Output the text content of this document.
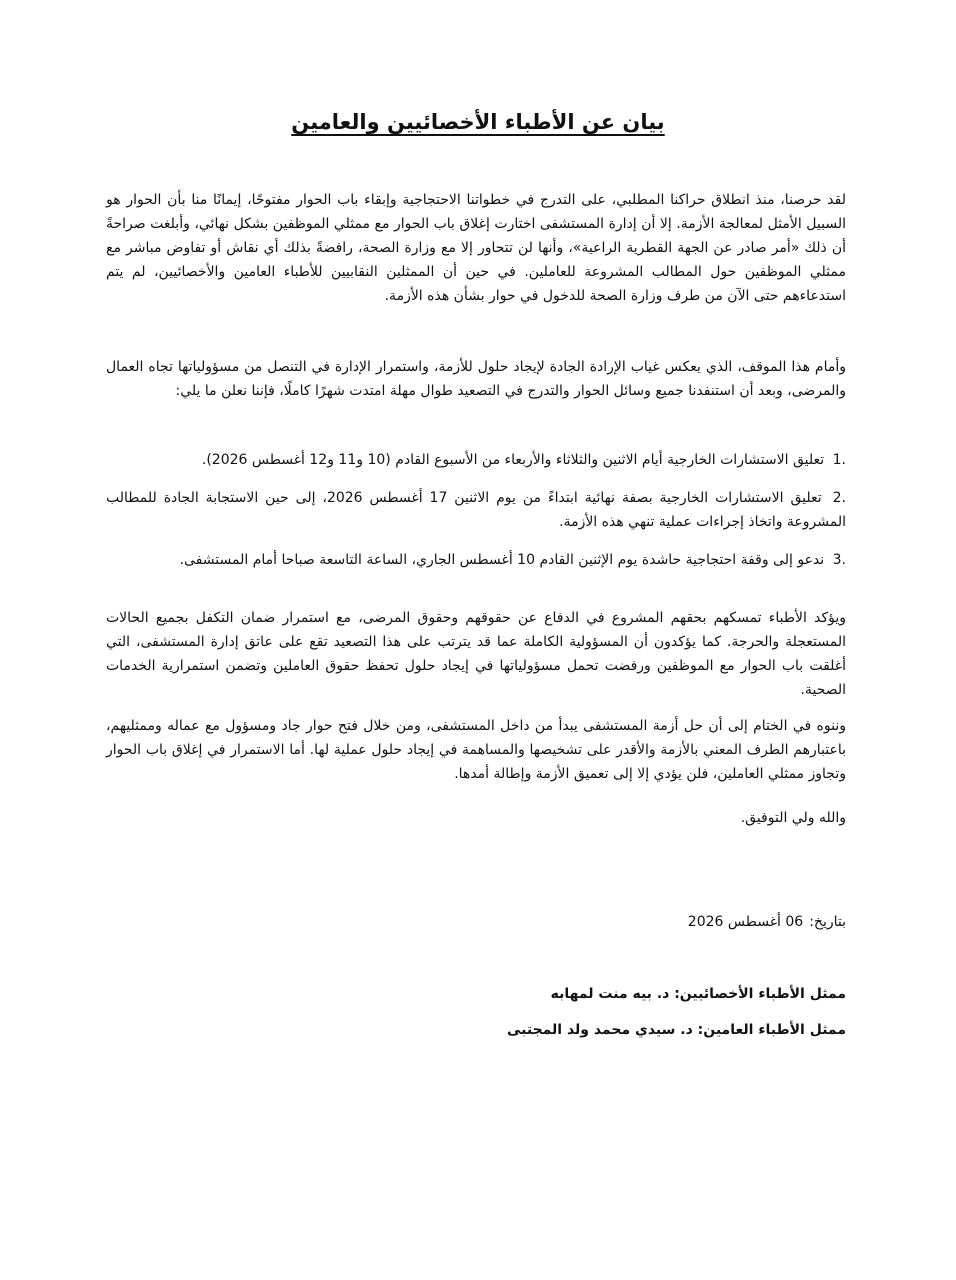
بيان عن الأطباء الأخصائيين والعامين

لقد حرصنا، منذ انطلاق حراكنا المطلبي، على التدرج في خطواتنا الاحتجاجية وإبقاء باب الحوار مفتوحًا، إيمانًا منا بأن الحوار هو السبيل الأمثل لمعالجة الأزمة. إلا أن إدارة المستشفى اختارت إغلاق باب الحوار مع ممثلي الموظفين بشكل نهائي، وأبلغت صراحةً أن ذلك «أمر صادر عن الجهة القطرية الراعية»، وأنها لن تتحاور إلا مع وزارة الصحة، رافضةً بذلك أي نقاش أو تفاوض مباشر مع ممثلي الموظفين حول المطالب المشروعة للعاملين. في حين أن الممثلين النقابيين للأطباء العامين والأخصائيين، لم يتم استدعاءهم حتى الآن من طرف وزارة الصحة للدخول في حوار بشأن هذه الأزمة.

وأمام هذا الموقف، الذي يعكس غياب الإرادة الجادة لإيجاد حلول للأزمة، واستمرار الإدارة في التنصل من مسؤولياتها تجاه العمال والمرضى، وبعد أن استنفدنا جميع وسائل الحوار والتدرج في التصعيد طوال مهلة امتدت شهرًا كاملًا، فإننا نعلن ما يلي:

.1 تعليق الاستشارات الخارجية أيام الاثنين والثلاثاء والأربعاء من الأسبوع القادم (10 و11 و12 أغسطس 2026).

.2 تعليق الاستشارات الخارجية بصفة نهائية ابتداءً من يوم الاثنين 17 أغسطس 2026، إلى حين الاستجابة الجادة للمطالب المشروعة واتخاذ إجراءات عملية تنهي هذه الأزمة.

.3 ندعو إلى وقفة احتجاجية حاشدة يوم الإثنين القادم 10 أغسطس الجاري، الساعة التاسعة صباحا أمام المستشفى.

ويؤكد الأطباء تمسكهم بحقهم المشروع في الدفاع عن حقوقهم وحقوق المرضى، مع استمرار ضمان التكفل بجميع الحالات المستعجلة والحرجة. كما يؤكدون أن المسؤولية الكاملة عما قد يترتب على هذا التصعيد تقع على عاتق إدارة المستشفى، التي أغلقت باب الحوار مع الموظفين ورفضت تحمل مسؤولياتها في إيجاد حلول تحفظ حقوق العاملين وتضمن استمرارية الخدمات الصحية.

وننوه في الختام إلى أن حل أزمة المستشفى يبدأ من داخل المستشفى، ومن خلال فتح حوار جاد ومسؤول مع عماله وممثليهم، باعتبارهم الطرف المعني بالأزمة والأقدر على تشخيصها والمساهمة في إيجاد حلول عملية لها. أما الاستمرار في إغلاق باب الحوار وتجاوز ممثلي العاملين، فلن يؤدي إلا إلى تعميق الأزمة وإطالة أمدها.

والله ولي التوفيق.

بتاريخ:06 أغسطس 2026

ممثل الأطباء الأخصائيين: د. بيه منت لمهابه

ممثل الأطباء العامين: د. سيدي محمد ولد المجتبى
